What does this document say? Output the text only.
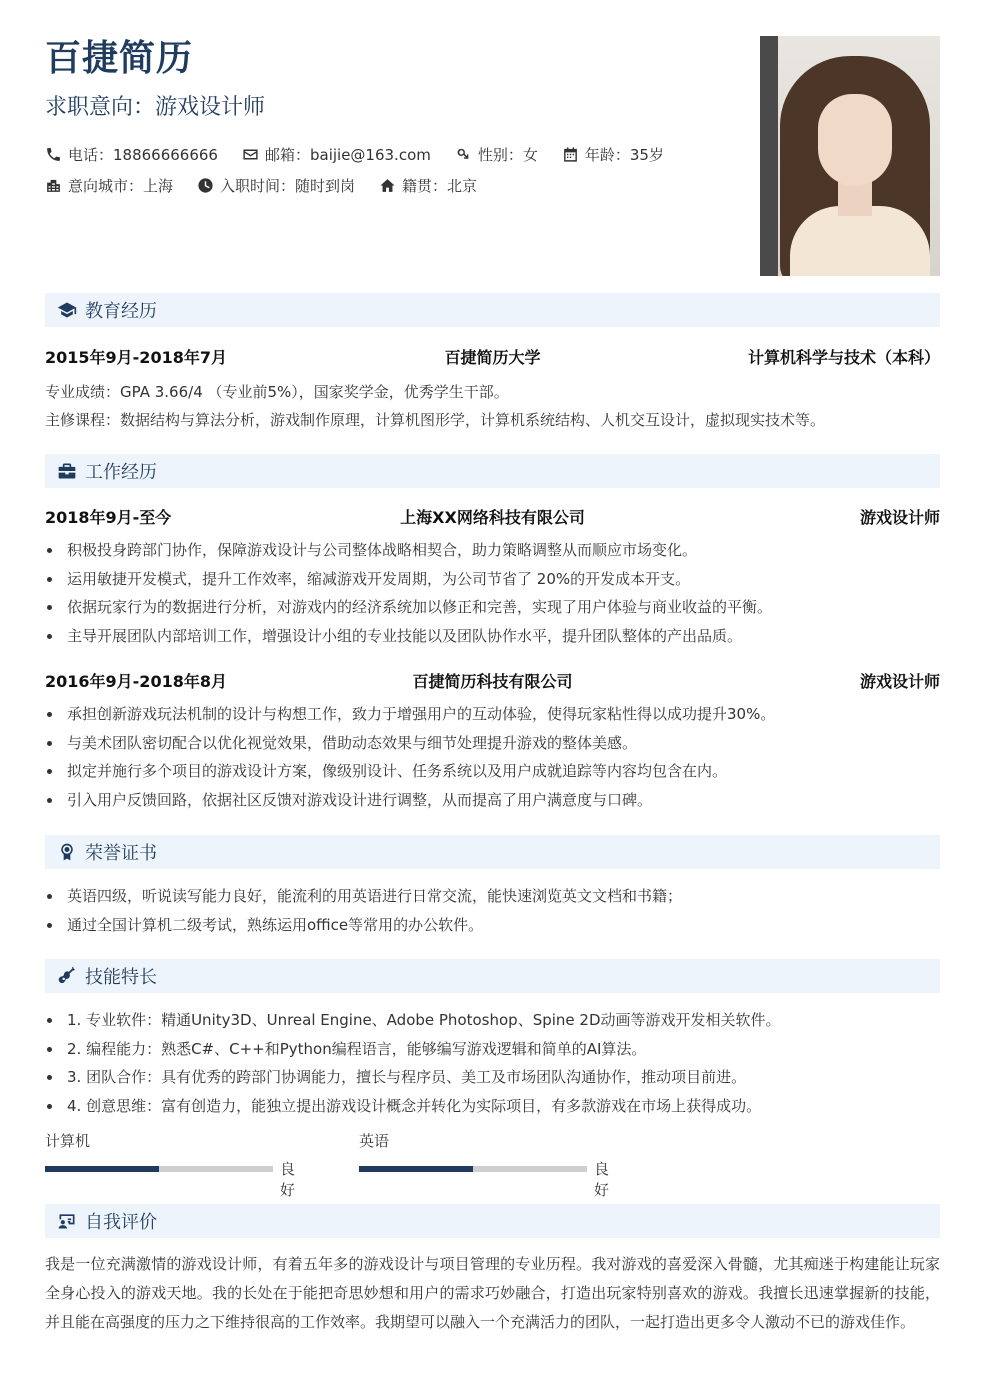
百捷简历
求职意向：游戏设计师
电话：18866666666	邮箱：baijie@163.com	性别：女	年龄：35岁
意向城市：上海	入职时间：随时到岗	籍贯：北京
教育经历
2015年9月-2018年7月	百捷简历大学	计算机科学与技术（本科）
专业成绩：GPA 3.66/4 （专业前5%），国家奖学金，优秀学生干部。
主修课程：数据结构与算法分析，游戏制作原理，计算机图形学，计算机系统结构、人机交互设计，虚拟现实技术等。
工作经历
2018年9月-至今	上海XX网络科技有限公司	游戏设计师
积极投身跨部门协作，保障游戏设计与公司整体战略相契合，助力策略调整从而顺应市场变化。
运用敏捷开发模式，提升工作效率，缩减游戏开发周期，为公司节省了 20%的开发成本开支。
依据玩家行为的数据进行分析，对游戏内的经济系统加以修正和完善，实现了用户体验与商业收益的平衡。
主导开展团队内部培训工作，增强设计小组的专业技能以及团队协作水平，提升团队整体的产出品质。
2016年9月-2018年8月	百捷简历科技有限公司	游戏设计师
承担创新游戏玩法机制的设计与构想工作，致力于增强用户的互动体验，使得玩家粘性得以成功提升30%。
与美术团队密切配合以优化视觉效果，借助动态效果与细节处理提升游戏的整体美感。
拟定并施行多个项目的游戏设计方案，像级别设计、任务系统以及用户成就追踪等内容均包含在内。
引入用户反馈回路，依据社区反馈对游戏设计进行调整，从而提高了用户满意度与口碑。
荣誉证书
英语四级，听说读写能力良好，能流利的用英语进行日常交流，能快速浏览英文文档和书籍；
通过全国计算机二级考试，熟练运用office等常用的办公软件。
技能特长
1. 专业软件：精通Unity3D、Unreal Engine、Adobe Photoshop、Spine 2D动画等游戏开发相关软件。
2. 编程能力：熟悉C#、C++和Python编程语言，能够编写游戏逻辑和简单的AI算法。
3. 团队合作：具有优秀的跨部门协调能力，擅长与程序员、美工及市场团队沟通协作，推动项目前进。
4. 创意思维：富有创造力，能独立提出游戏设计概念并转化为实际项目，有多款游戏在市场上获得成功。
计算机
良好
英语
良好
自我评价
我是一位充满激情的游戏设计师，有着五年多的游戏设计与项目管理的专业历程。我对游戏的喜爱深入骨髓，尤其痴迷于构建能让玩家全身心投入的游戏天地。我的长处在于能把奇思妙想和用户的需求巧妙融合，打造出玩家特别喜欢的游戏。我擅长迅速掌握新的技能，并且能在高强度的压力之下维持很高的工作效率。我期望可以融入一个充满活力的团队，一起打造出更多令人激动不已的游戏佳作。
